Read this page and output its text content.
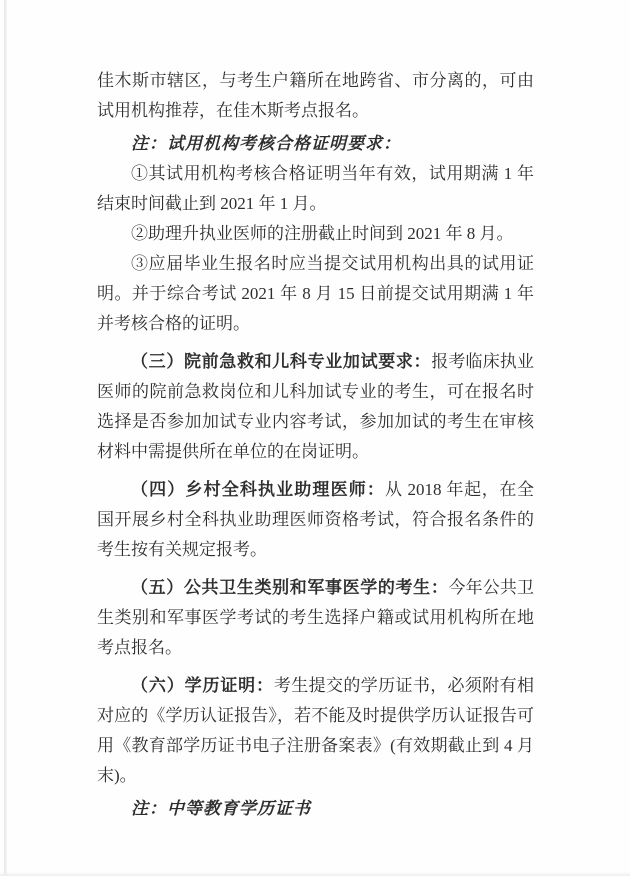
佳木斯市辖区，与考生户籍所在地跨省、市分离的，可由试用机构推荐，在佳木斯考点报名。

注：试用机构考核合格证明要求：

①其试用机构考核合格证明当年有效，试用期满 1 年结束时间截止到 2021 年 1 月。

②助理升执业医师的注册截止时间到 2021 年 8 月。

③应届毕业生报名时应当提交试用机构出具的试用证明。并于综合考试 2021 年 8 月 15 日前提交试用期满 1 年并考核合格的证明。

（三）院前急救和儿科专业加试要求：报考临床执业医师的院前急救岗位和儿科加试专业的考生，可在报名时选择是否参加加试专业内容考试，参加加试的考生在审核材料中需提供所在单位的在岗证明。

（四）乡村全科执业助理医师：从 2018 年起，在全国开展乡村全科执业助理医师资格考试，符合报名条件的考生按有关规定报考。

（五）公共卫生类别和军事医学的考生：今年公共卫生类别和军事医学考试的考生选择户籍或试用机构所在地考点报名。

（六）学历证明：考生提交的学历证书，必须附有相对应的《学历认证报告》，若不能及时提供学历认证报告可用《教育部学历证书电子注册备案表》(有效期截止到 4 月末)。

注：中等教育学历证书
